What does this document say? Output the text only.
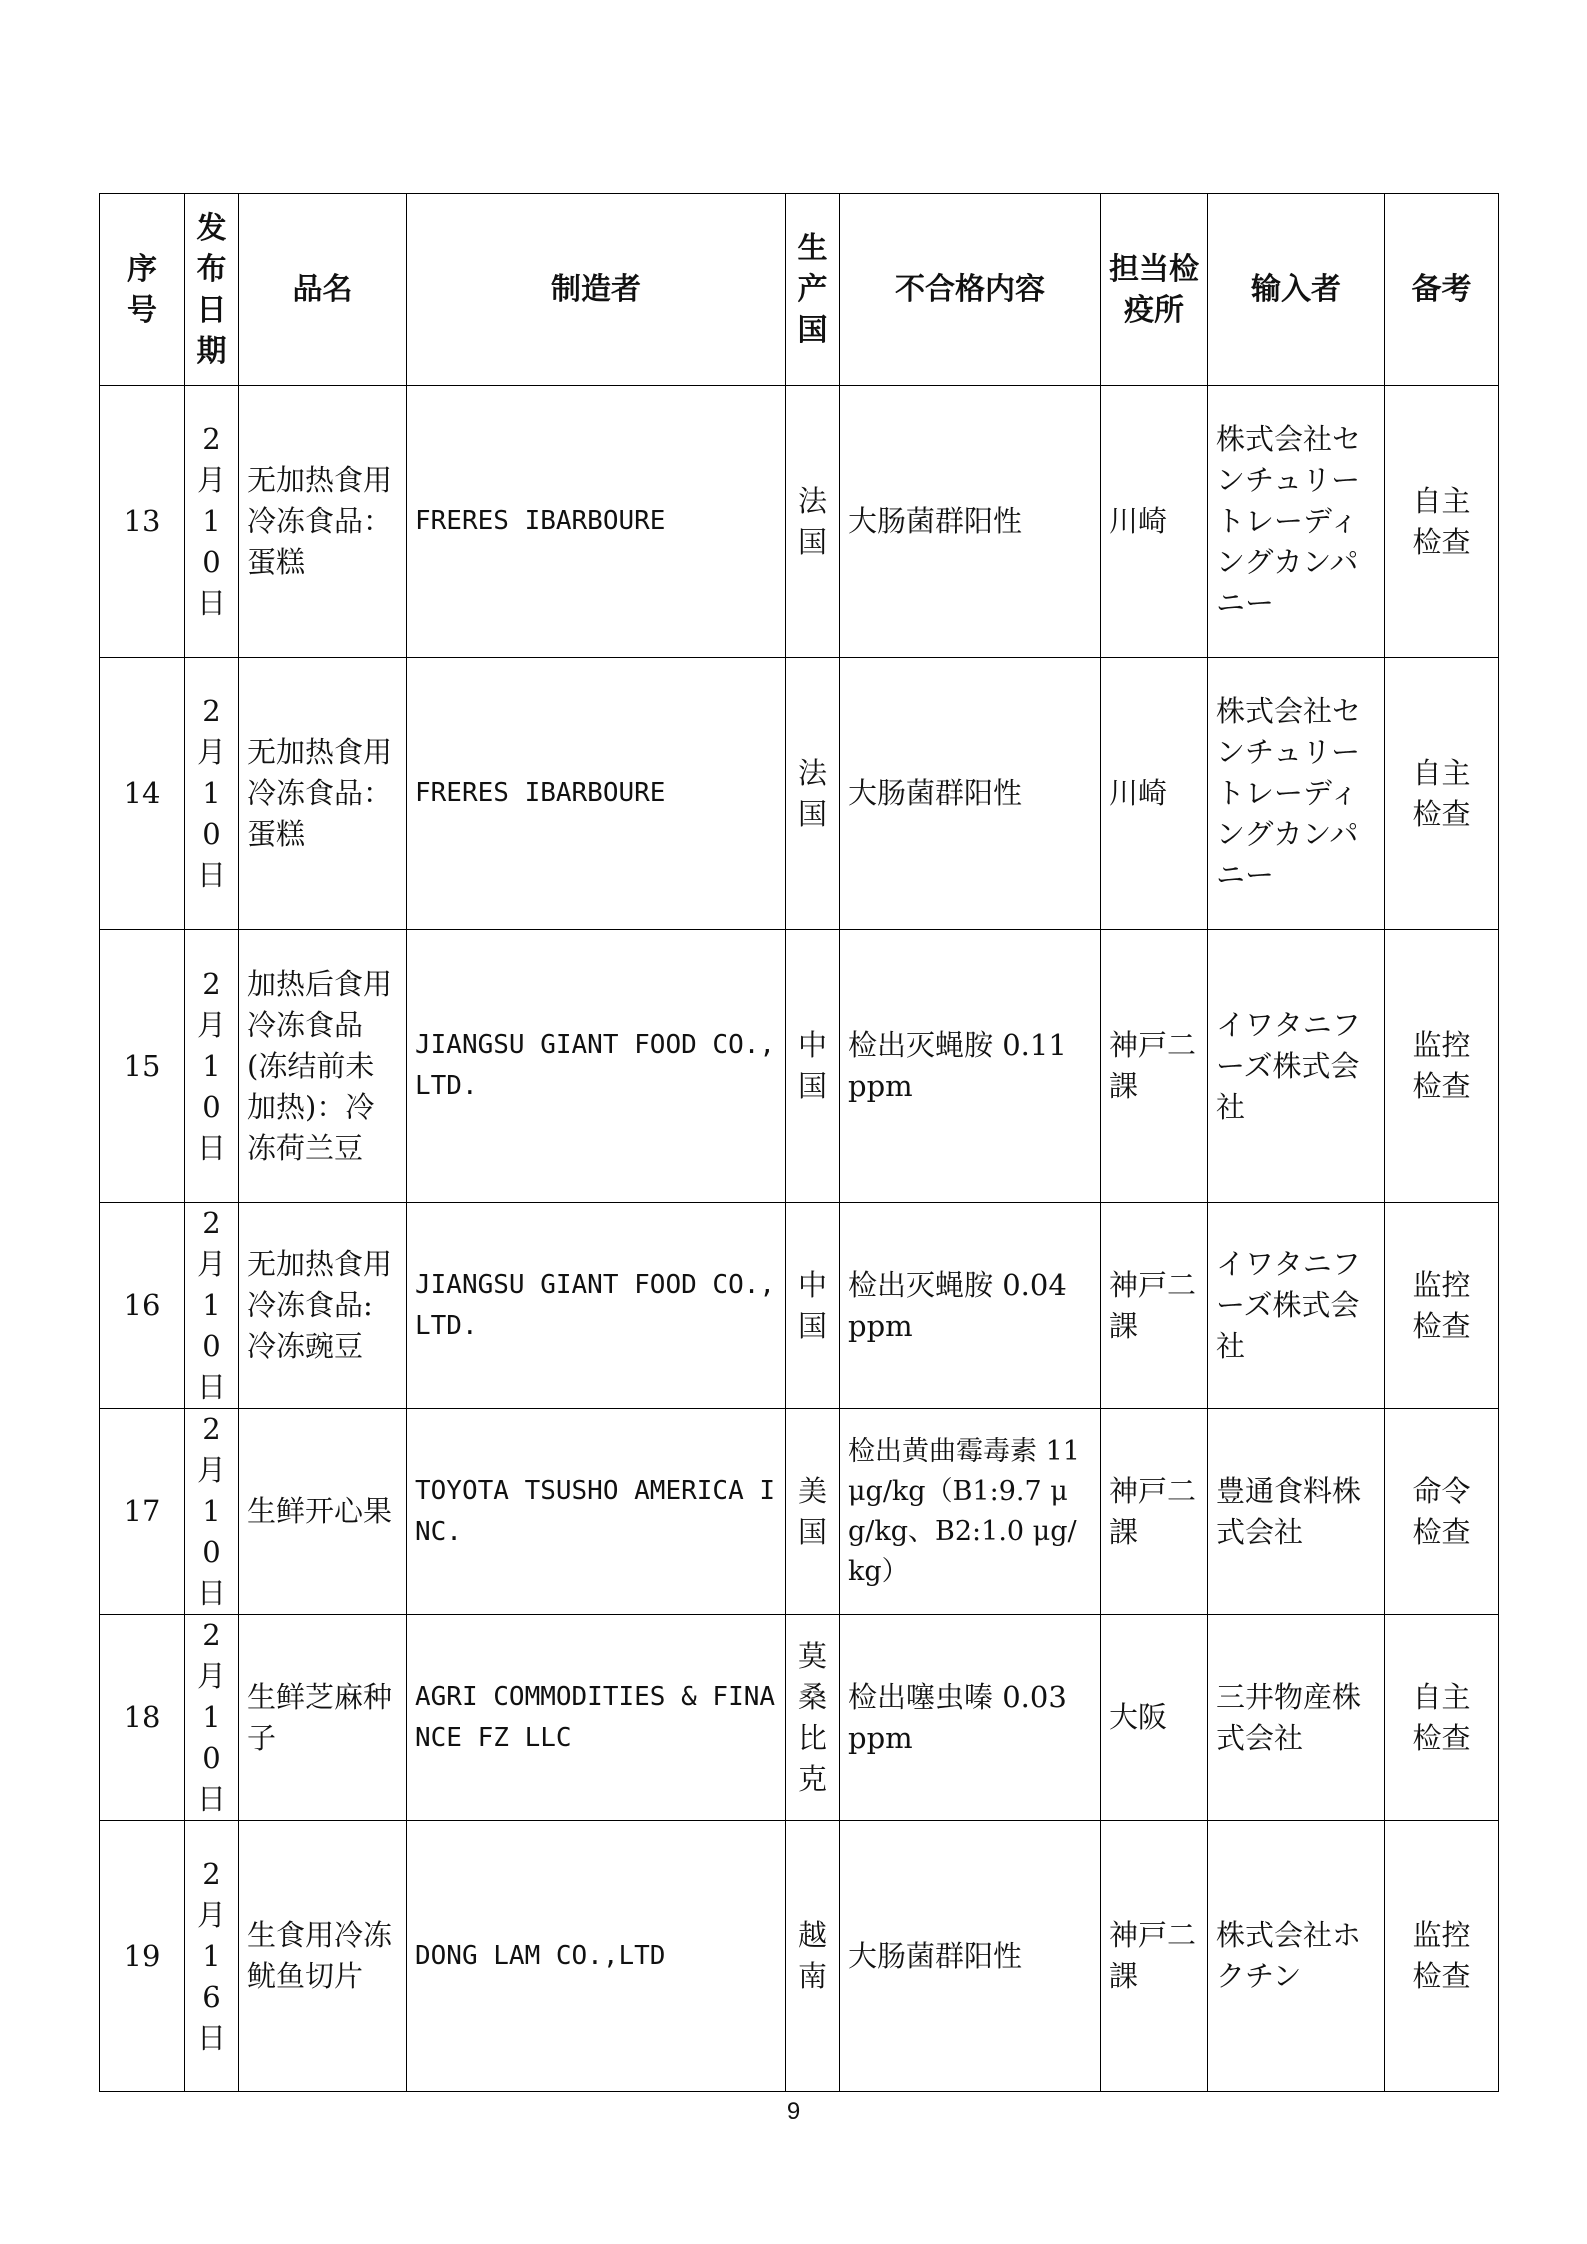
序号	发布日期	品名	制造者	生产国	不合格内容	担当检疫所	输入者	备考
13	2月10日	无加热食用冷冻食品：蛋糕	FRERES IBARBOURE	法国	大肠菌群阳性	川崎	株式会社センチュリートレーディングカンパニー	自主检查
14	2月10日	无加热食用冷冻食品：蛋糕	FRERES IBARBOURE	法国	大肠菌群阳性	川崎	株式会社センチュリートレーディングカンパニー	自主检查
15	2月10日	加热后食用冷冻食品(冻结前未加热)：冷冻荷兰豆	JIANGSU GIANT FOOD CO.,LTD.	中国	检出灭蝇胺 0.11 ppm	神戸二課	イワタニフーズ株式会社	监控检查
16	2月10日	无加热食用冷冻食品:冷冻豌豆	JIANGSU GIANT FOOD CO.,LTD.	中国	检出灭蝇胺 0.04 ppm	神戸二課	イワタニフーズ株式会社	监控检查
17	2月10日	生鲜开心果	TOYOTA TSUSHO AMERICA INC.	美国	检出黄曲霉毒素 11 μg/kg（B1:9.7 μg/kg、B2:1.0 μg/kg）	神戸二課	豊通食料株式会社	命令检查
18	2月10日	生鲜芝麻种子	AGRI COMMODITIES & FINANCE FZ LLC	莫桑比克	检出噻虫嗪 0.03 ppm	大阪	三井物産株式会社	自主检查
19	2月16日	生食用冷冻鱿鱼切片	DONG LAM CO.,LTD	越南	大肠菌群阳性	神戸二課	株式会社ホクチン	监控检查
9
